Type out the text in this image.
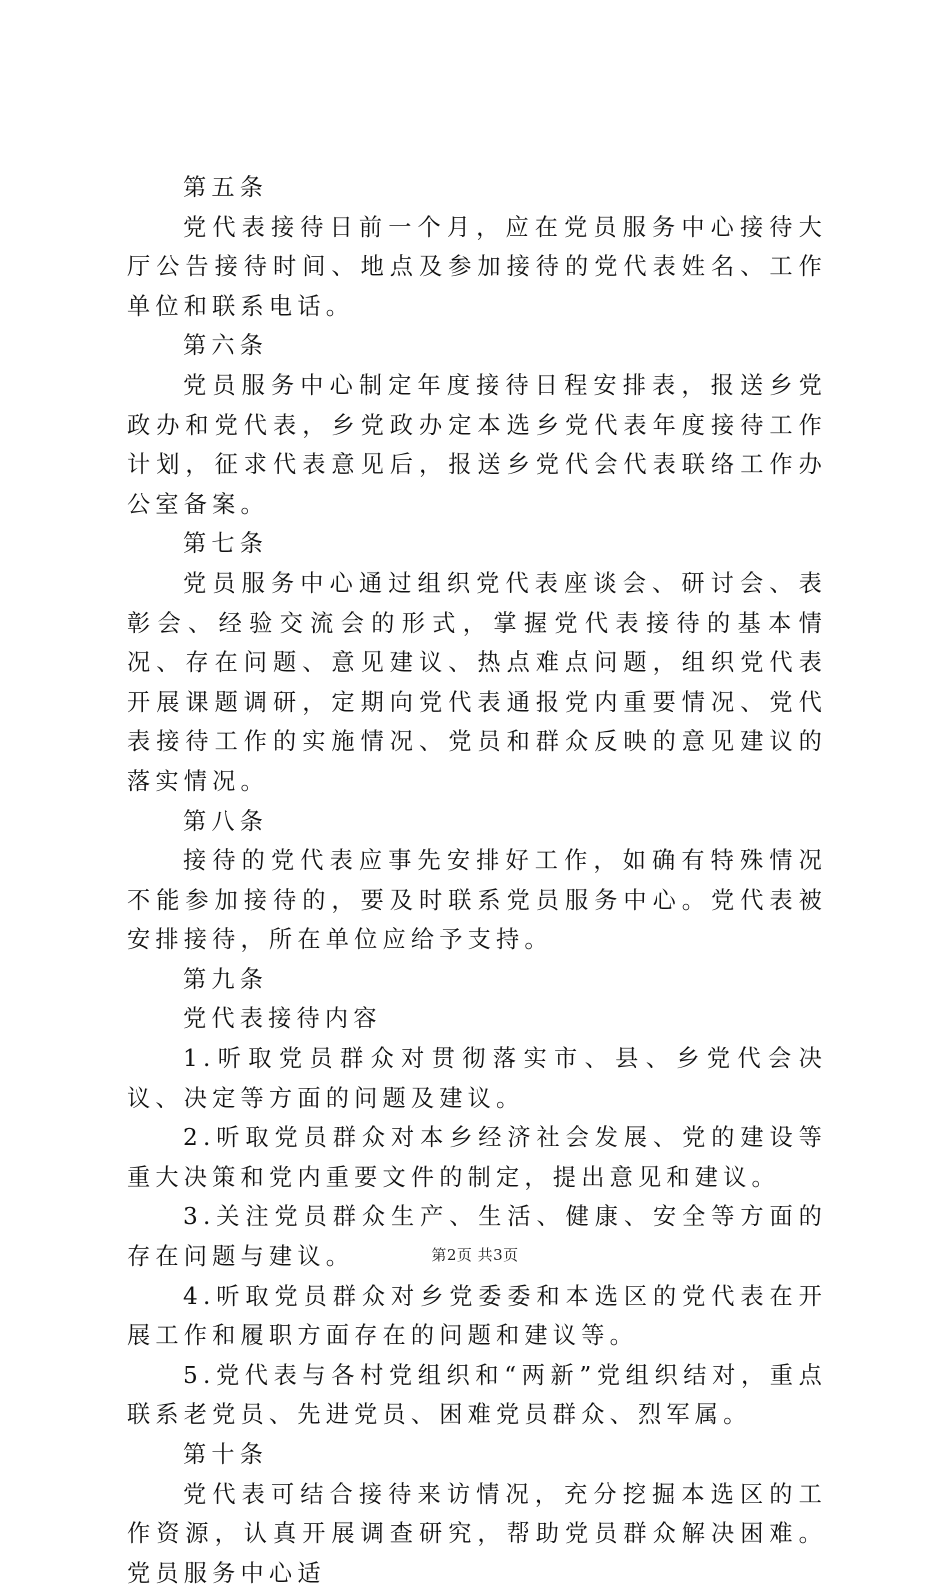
第五条

党代表接待日前一个月，应在党员服务中心接待大厅公告接待时间、地点及参加接待的党代表姓名、工作单位和联系电话。

第六条

党员服务中心制定年度接待日程安排表，报送乡党政办和党代表，乡党政办定本选乡党代表年度接待工作计划，征求代表意见后，报送乡党代会代表联络工作办公室备案。

第七条

党员服务中心通过组织党代表座谈会、研讨会、表彰会、经验交流会的形式，掌握党代表接待的基本情况、存在问题、意见建议、热点难点问题，组织党代表开展课题调研，定期向党代表通报党内重要情况、党代表接待工作的实施情况、党员和群众反映的意见建议的落实情况。

第八条

接待的党代表应事先安排好工作，如确有特殊情况不能参加接待的，要及时联系党员服务中心。党代表被安排接待，所在单位应给予支持。

第九条

党代表接待内容

1.听取党员群众对贯彻落实市、县、乡党代会决议、决定等方面的问题及建议。

2.听取党员群众对本乡经济社会发展、党的建设等重大决策和党内重要文件的制定，提出意见和建议。

3.关注党员群众生产、生活、健康、安全等方面的存在问题与建议。

4.听取党员群众对乡党委委和本选区的党代表在开展工作和履职方面存在的问题和建议等。

5.党代表与各村党组织和“两新”党组织结对，重点联系老党员、先进党员、困难党员群众、烈军属。

第十条

党代表可结合接待来访情况，充分挖掘本选区的工作资源，认真开展调查研究，帮助党员群众解决困难。党员服务中心适

第2页 共3页
